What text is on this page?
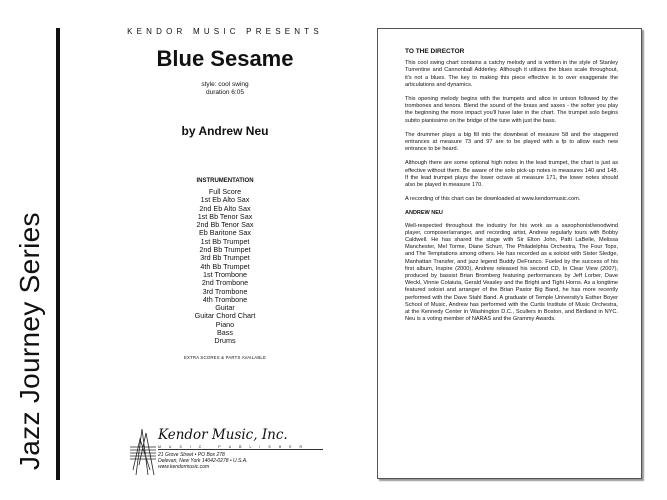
Jazz Journey Series
KENDOR MUSIC PRESENTS
Blue Sesame
style: cool swing
duration 6:05
by Andrew Neu
INSTRUMENTATION
Full Score
1st Eb Alto Sax
2nd Eb Alto Sax
1st Bb Tenor Sax
2nd Bb Tenor Sax
Eb Baritone Sax
1st Bb Trumpet
2nd Bb Trumpet
3rd Bb Trumpet
4th Bb Trumpet
1st Trombone
2nd Trombone
3rd Trombone
4th Trombone
Guitar
Guitar Chord Chart
Piano
Bass
Drums
EXTRA SCORES & PARTS AVAILABLE
Kendor Music, Inc.
MUSIC PUBLISHER
21 Grove Street • PO Box 278
Delevan, New York 14042-0278 • U.S.A.
www.kendormusic.com
TO THE DIRECTOR

This cool swing chart contains a catchy melody and is written in the style of Stanley Turrentine and Cannonball Adderley. Although it utilizes the blues scale throughout, it's not a blues. The key to making this piece effective is to over exaggerate the articulations and dynamics.

This opening melody begins with the trumpets and altos in unison followed by the trombones and tenors. Blend the sound of the brass and saxes - the softer you play the beginning the more impact you'll have later in the chart. The trumpet solo begins subito pianissimo on the bridge of the tune with just the bass.

The drummer plays a big fill into the downbeat of measure 58 and the staggered entrances at measure 73 and 97 are to be played with a fp to allow each new entrance to be heard.

Although there are some optional high notes in the lead trumpet, the chart is just as effective without them. Be aware of the solo pick-up notes in measures 140 and 148. If the lead trumpet plays the lower octave at measure 171, the lower notes should also be played in measure 170.

A recording of this chart can be downloaded at www.kendormusic.com.

ANDREW NEU

Well-respected throughout the industry for his work as a saxophonist/woodwind player, composer/arranger, and recording artist, Andrew regularly tours with Bobby Caldwell. He has shared the stage with Sir Elton John, Patti LaBelle, Melissa Manchester, Mel Torme, Diane Schurr, The Philadelphia Orchestra, The Four Tops, and The Temptations among others. He has recorded as a soloist with Sister Sledge, Manhattan Transfer, and jazz legend Buddy DeFranco. Fueled by the success of his first album, Inspire (2000), Andrew released his second CD, In Clear View (2007), produced by bassist Brian Bromberg featuring performances by Jeff Lorber, Dave Weckl, Vinnie Colaiuta, Gerald Veasley and the Bright and Tight Horns. As a longtime featured soloist and arranger of the Brian Pastor Big Band, he has more recently performed with the Dave Stahl Band. A graduate of Temple University's Esther Boyer School of Music, Andrew has performed with the Curtis Institute of Music Orchestra, at the Kennedy Center in Washington D.C., Scullers in Boston, and Birdland in NYC. Neu is a voting member of NARAS and the Grammy Awards.
